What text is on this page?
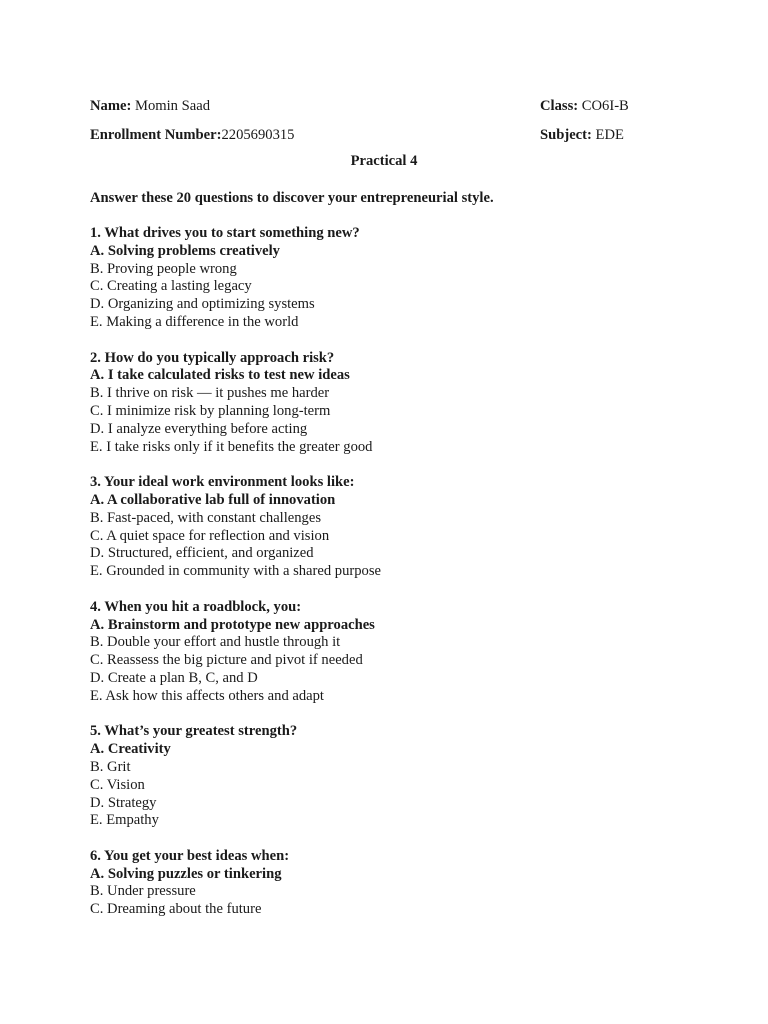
Name: Momin Saad	Class: CO6I-B
Enrollment Number:2205690315	Subject: EDE
Practical 4
Answer these 20 questions to discover your entrepreneurial style.
1. What drives you to start something new?
A. Solving problems creatively
B. Proving people wrong
C. Creating a lasting legacy
D. Organizing and optimizing systems
E. Making a difference in the world
2. How do you typically approach risk?
A. I take calculated risks to test new ideas
B. I thrive on risk — it pushes me harder
C. I minimize risk by planning long-term
D. I analyze everything before acting
E. I take risks only if it benefits the greater good
3. Your ideal work environment looks like:
A. A collaborative lab full of innovation
B. Fast-paced, with constant challenges
C. A quiet space for reflection and vision
D. Structured, efficient, and organized
E. Grounded in community with a shared purpose
4. When you hit a roadblock, you:
A. Brainstorm and prototype new approaches
B. Double your effort and hustle through it
C. Reassess the big picture and pivot if needed
D. Create a plan B, C, and D
E. Ask how this affects others and adapt
5. What’s your greatest strength?
A. Creativity
B. Grit
C. Vision
D. Strategy
E. Empathy
6. You get your best ideas when:
A. Solving puzzles or tinkering
B. Under pressure
C. Dreaming about the future
